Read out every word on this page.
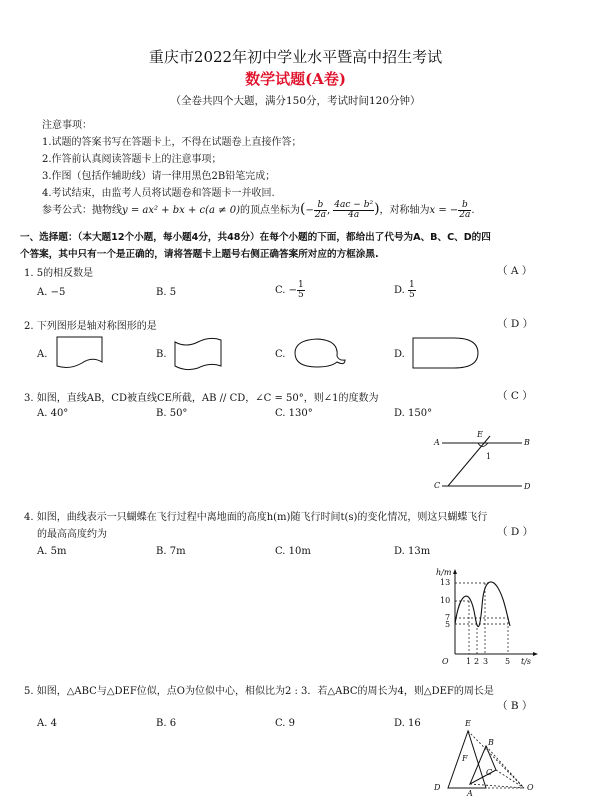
重庆市2022年初中学业水平暨高中招生考试
数学试题(A卷)
（全卷共四个大题，满分150分，考试时间120分钟）
注意事项：
1.试题的答案书写在答题卡上，不得在试题卷上直接作答；
2.作答前认真阅读答题卡上的注意事项；
3.作图（包括作辅助线）请一律用黑色2B铅笔完成；
4.考试结束，由监考人员将试题卷和答题卡一并收回.
参考公式：抛物线y = ax² + bx + c(a ≠ 0)的顶点坐标为(− $\frac{b}{2a}$ , $\frac{\text{4ac − b²}}{4a}$ )，对称轴为x = − $\frac{b}{2a}$ .
一、选择题：（本大题12个小题，每小题4分，共48分）在每个小题的下面，都给出了代号为A、B、C、D的四
个答案，其中只有一个是正确的，请将答题卡上题号右侧正确答案所对应的方框涂黑.
1. 5的相反数是	（ A ）
A. −5	B. 5	C. − $\frac{1}{5}$	D. $\frac{1}{5}$
2. 下列图形是轴对称图形的是	（ D ）
A.	B.	C.	D.
3. 如图，直线AB，CD被直线CE所截，AB // CD，∠C = 50°，则∠1的度数为	（ C ）
A. 40°	B. 50°	C. 130°	D. 150°
A	B
C	D
E
1
4. 如图，曲线表示一只蝴蝶在飞行过程中离地面的高度h(m)随飞行时间t(s)的变化情况，则这只蝴蝶飞行
的最高高度约为	（ D ）
A. 5m	B. 7m	C. 10m	D. 13m
h/m
t/s
O
13
10
7
5
1 2 3 5
5. 如图，△ABC与△DEF位似，点O为位似中心，相似比为2 : 3．若△ABC的周长为4，则△DEF的周长是
（ B ）
A. 4	B. 6	C. 9	D. 16	E
B
F
C
D
A
O
